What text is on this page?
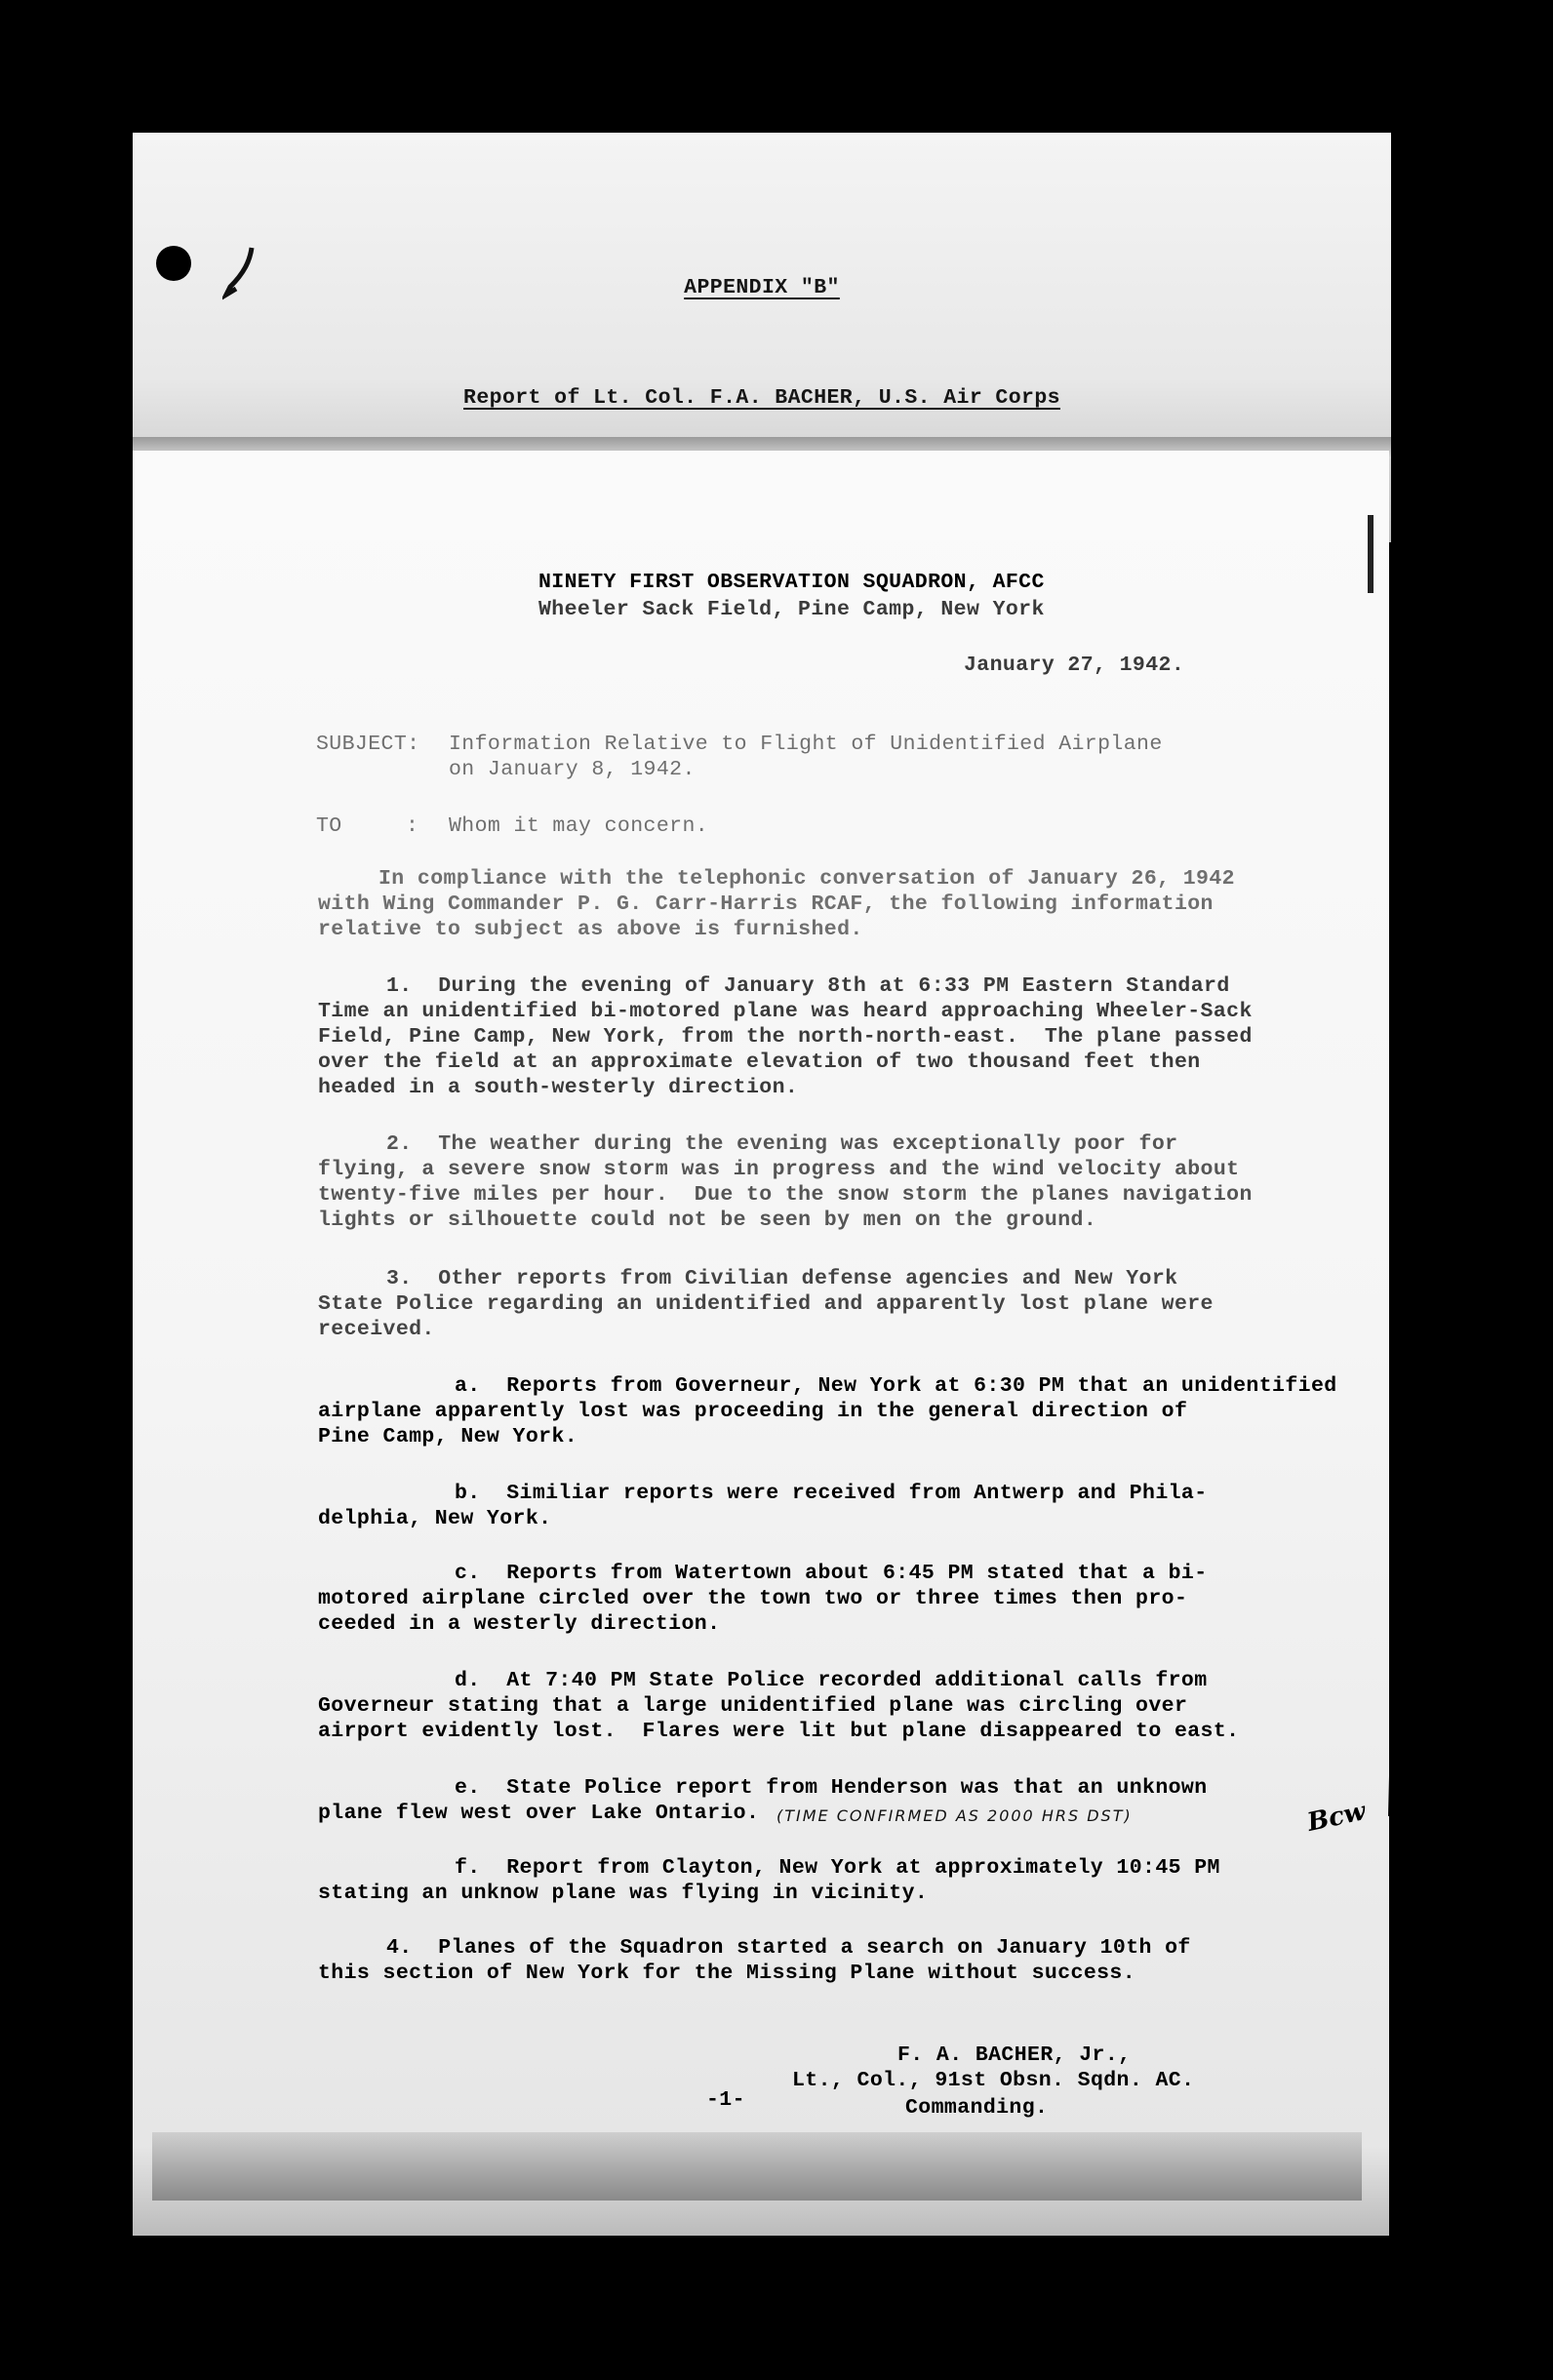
APPENDIX "B"
Report of Lt. Col. F.A. BACHER, U.S. Air Corps
NINETY FIRST OBSERVATION SQUADRON, AFCC
Wheeler Sack Field, Pine Camp, New York
January 27, 1942.
SUBJECT: Information Relative to Flight of Unidentified Airplane
on January 8, 1942.
TO	: Whom it may concern.
In compliance with the telephonic conversation of January 26, 1942
with Wing Commander P. G. Carr-Harris RCAF, the following information
relative to subject as above is furnished.
1.  During the evening of January 8th at 6:33 PM Eastern Standard
Time an unidentified bi-motored plane was heard approaching Wheeler-Sack
Field, Pine Camp, New York, from the north-north-east.  The plane passed
over the field at an approximate elevation of two thousand feet then
headed in a south-westerly direction.
2.  The weather during the evening was exceptionally poor for
flying, a severe snow storm was in progress and the wind velocity about
twenty-five miles per hour.  Due to the snow storm the planes navigation
lights or silhouette could not be seen by men on the ground.
3.  Other reports from Civilian defense agencies and New York
State Police regarding an unidentified and apparently lost plane were
received.
a.  Reports from Governeur, New York at 6:30 PM that an unidentified
airplane apparently lost was proceeding in the general direction of
Pine Camp, New York.
b.  Similiar reports were received from Antwerp and Phila-
delphia, New York.
c.  Reports from Watertown about 6:45 PM stated that a bi-
motored airplane circled over the town two or three times then pro-
ceeded in a westerly direction.
d.  At 7:40 PM State Police recorded additional calls from
Governeur stating that a large unidentified plane was circling over
airport evidently lost.  Flares were lit but plane disappeared to east.
e.  State Police report from Henderson was that an unknown
plane flew west over Lake Ontario.	(TIME CONFIRMED AS 2000 HRS DST)	Bcw
f.  Report from Clayton, New York at approximately 10:45 PM
stating an unknow plane was flying in vicinity.
4.  Planes of the Squadron started a search on January 10th of
this section of New York for the Missing Plane without success.
F. A. BACHER, Jr.,
Lt., Col., 91st Obsn. Sqdn. AC.
Commanding.
-1-
